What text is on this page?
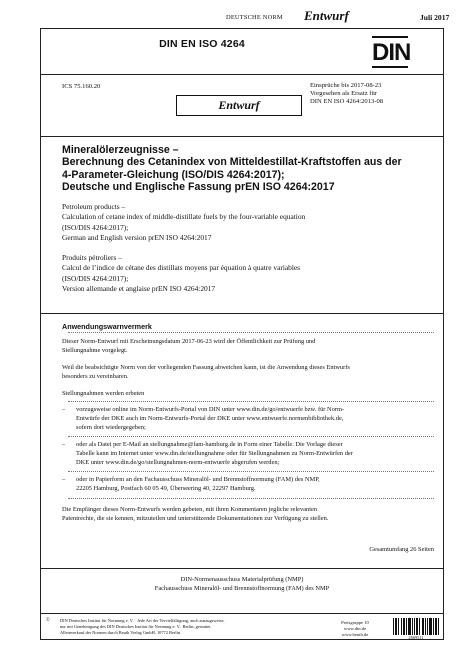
DEUTSCHE NORM Entwurf	Juli 2017
DIN EN ISO 4264	DIN
ICS 75.160.20	Einsprüche bis 2017-08-23
Vorgesehen als Ersatz für
DIN EN ISO 4264:2013-08
Entwurf
Mineralölerzeugnisse –
Berechnung des Cetanindex von Mitteldestillat-Kraftstoffen aus der
4-Parameter-Gleichung (ISO/DIS 4264:2017);
Deutsche und Englische Fassung prEN ISO 4264:2017
Petroleum products –
Calculation of cetane index of middle-distillate fuels by the four-variable equation
(ISO/DIS 4264:2017);
German and English version prEN ISO 4264:2017
Produits pétroliers –
Calcul de l’indice de cétane des distillats moyens par équation à quatre variables
(ISO/DIS 4264:2017);
Version allemande et anglaise prEN ISO 4264:2017
Anwendungswarnvermerk
Dieser Norm-Entwurf mit Erscheinungsdatum 2017-06-23 wird der Öffentlichkeit zur Prüfung und
Stellungnahme vorgelegt.
Weil die beabsichtigte Norm von der vorliegenden Fassung abweichen kann, ist die Anwendung dieses Entwurfs
besonders zu vereinbaren.
Stellungnahmen werden erbeten
– vorzugsweise online im Norm-Entwurfs-Portal von DIN unter www.din.de/go/entwuerfe bzw. für Norm-
Entwürfe der DKE auch im Norm-Entwurfs-Portal der DKE unter www.entwuerfe.normenbibliothek.de,
sofern dort wiedergegeben;
– oder als Datei per E-Mail an stellungnahme@fam-hamburg.de in Form einer Tabelle. Die Vorlage dieser
Tabelle kann im Internet unter www.din.de/stellungnahme oder für Stellungnahmen zu Norm-Entwürfen der
DKE unter www.din.de/go/stellungnahmen-norm-entwuerfe abgerufen werden;
– oder in Papierform an den Fachausschuss Mineralöl- und Brennstoffnormung (FAM) des NMP,
22205 Hamburg, Postfach 60 05 49, Überseering 40, 22297 Hamburg.
Die Empfänger dieses Norm-Entwurfs werden gebeten, mit ihren Kommentaren jegliche relevanten
Patentrechte, die sie kennen, mitzuteilen und unterstützende Dokumentationen zur Verfügung zu stellen.
Gesamtumfang 26 Seiten
DIN-Normenausschuss Materialprüfung (NMP)
Fachausschuss Mineralöl- und Brennstoffnormung (FAM) des NMP
© DIN Deutsches Institut für Normung e. V. · Jede Art der Vervielfältigung, auch auszugsweise,
nur mit Genehmigung des DIN Deutsches Institut für Normung e. V., Berlin, gestattet.
Alleinverkauf der Normen durch Beuth Verlag GmbH, 10772 Berlin
Preisgruppe 10
www.din.de
www.beuth.de
2669511
